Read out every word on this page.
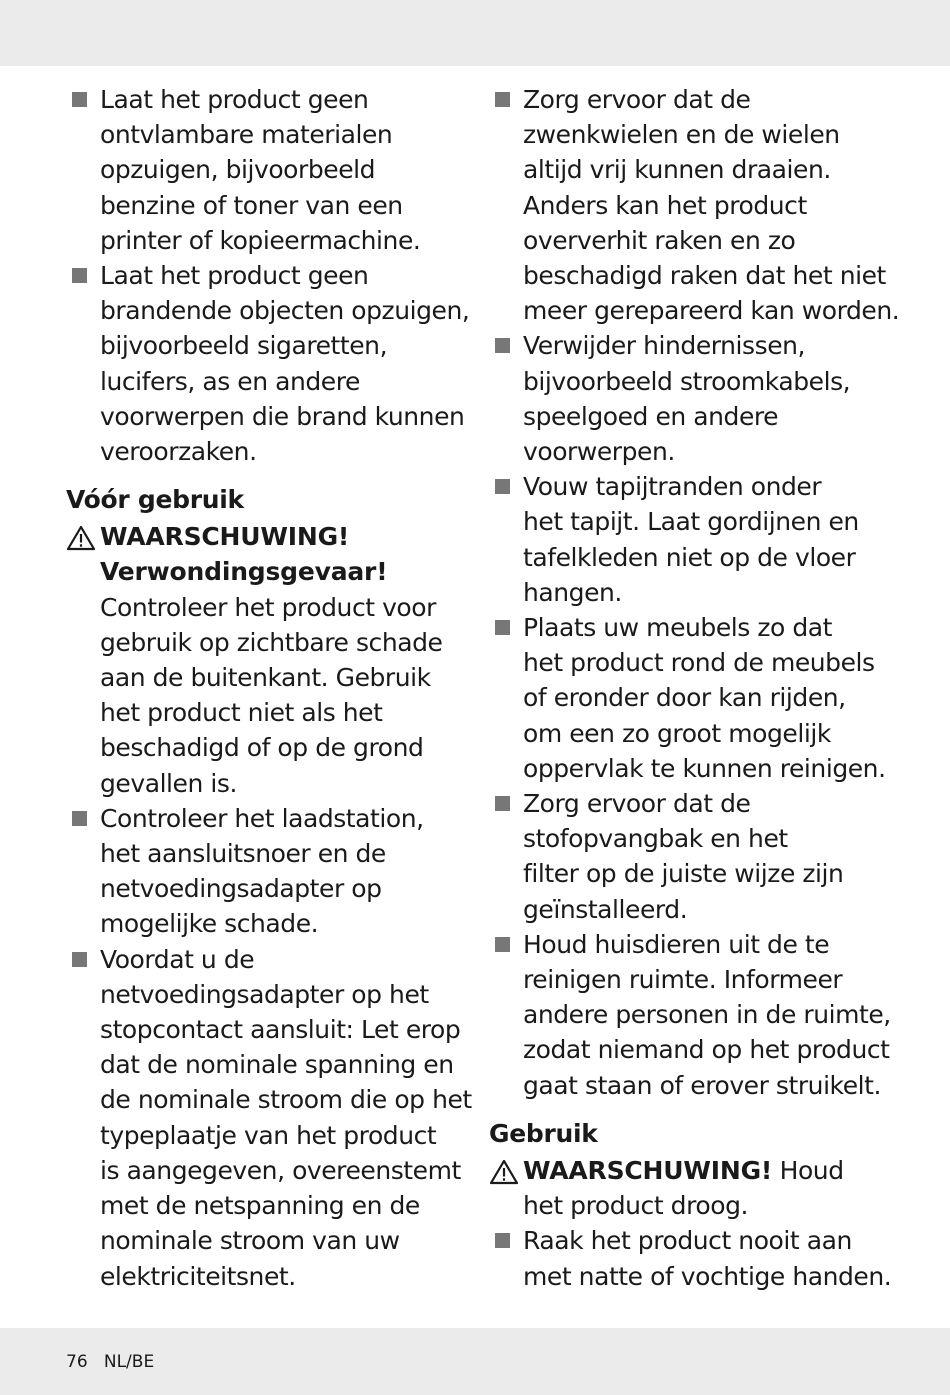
Laat het product geen
ontvlambare materialen
opzuigen, bijvoorbeeld
benzine of toner van een
printer of kopieermachine.
Laat het product geen
brandende objecten opzuigen,
bijvoorbeeld sigaretten,
lucifers, as en andere
voorwerpen die brand kunnen
veroorzaken.
Vóór gebruik
WAARSCHUWING!
Verwondingsgevaar!
Controleer het product voor
gebruik op zichtbare schade
aan de buitenkant. Gebruik
het product niet als het
beschadigd of op de grond
gevallen is.
Controleer het laadstation,
het aansluitsnoer en de
netvoedingsadapter op
mogelijke schade.
Voordat u de
netvoedingsadapter op het
stopcontact aansluit: Let erop
dat de nominale spanning en
de nominale stroom die op het
typeplaatje van het product
is aangegeven, overeenstemt
met de netspanning en de
nominale stroom van uw
elektriciteitsnet.
Zorg ervoor dat de
zwenkwielen en de wielen
altijd vrij kunnen draaien.
Anders kan het product
oververhit raken en zo
beschadigd raken dat het niet
meer gerepareerd kan worden.
Verwijder hindernissen,
bijvoorbeeld stroomkabels,
speelgoed en andere
voorwerpen.
Vouw tapijtranden onder
het tapijt. Laat gordijnen en
tafelkleden niet op de vloer
hangen.
Plaats uw meubels zo dat
het product rond de meubels
of eronder door kan rijden,
om een zo groot mogelijk
oppervlak te kunnen reinigen.
Zorg ervoor dat de
stofopvangbak en het
filter op de juiste wijze zijn
geïnstalleerd.
Houd huisdieren uit de te
reinigen ruimte. Informeer
andere personen in de ruimte,
zodat niemand op het product
gaat staan of erover struikelt.
Gebruik
WAARSCHUWING! Houd
het product droog.
Raak het product nooit aan
met natte of vochtige handen.
76 NL/BE
